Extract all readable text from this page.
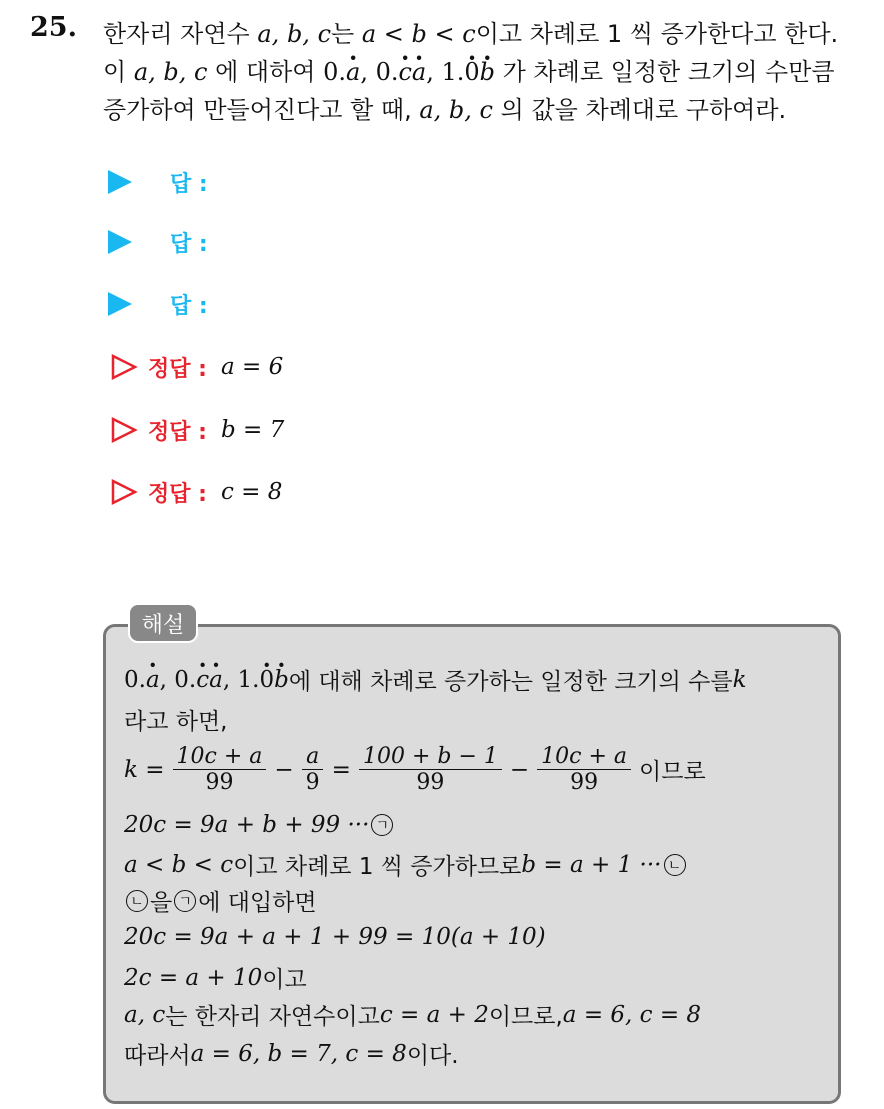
25. 한자리 자연수 a, b, c는 a < b < c이고 차례로 1 씩 증가한다고 한다.
이 a, b, c 에 대하여 0.· a, 0.· c· a, 1.· 0· b 가 차례로 일정한 크기의 수만큼
증가하여 만들어진다고 할 때, a, b, c 의 값을 차례대로 구하여라.
답 :
답 :
답 :
정답 : a = 6
정답 : b = 7
정답 : c = 8
해설
0.· a, 0.· c· a, 1.· 0· b 에 대해 차례로 증가하는 일정한 크기의 수를 k
라고 하면,
$k = \frac{10c + a}{99} - \frac{a}{9} = \frac{100 + b - 1}{99} - \frac{10c + a}{99}$ 이므로
20c = 9a + b + 99 ··· ㄱ
a < b < c 이고 차례로 1 씩 증가하므로 b = a + 1 ··· ㄴ
ㄴ 을 ㄱ 에 대입하면
20c = 9a + a + 1 + 99 = 10(a + 10)
2c = a + 10 이고
a, c 는 한자리 자연수이고 c = a + 2 이므로, a = 6, c = 8
따라서 a = 6, b = 7, c = 8 이다.
